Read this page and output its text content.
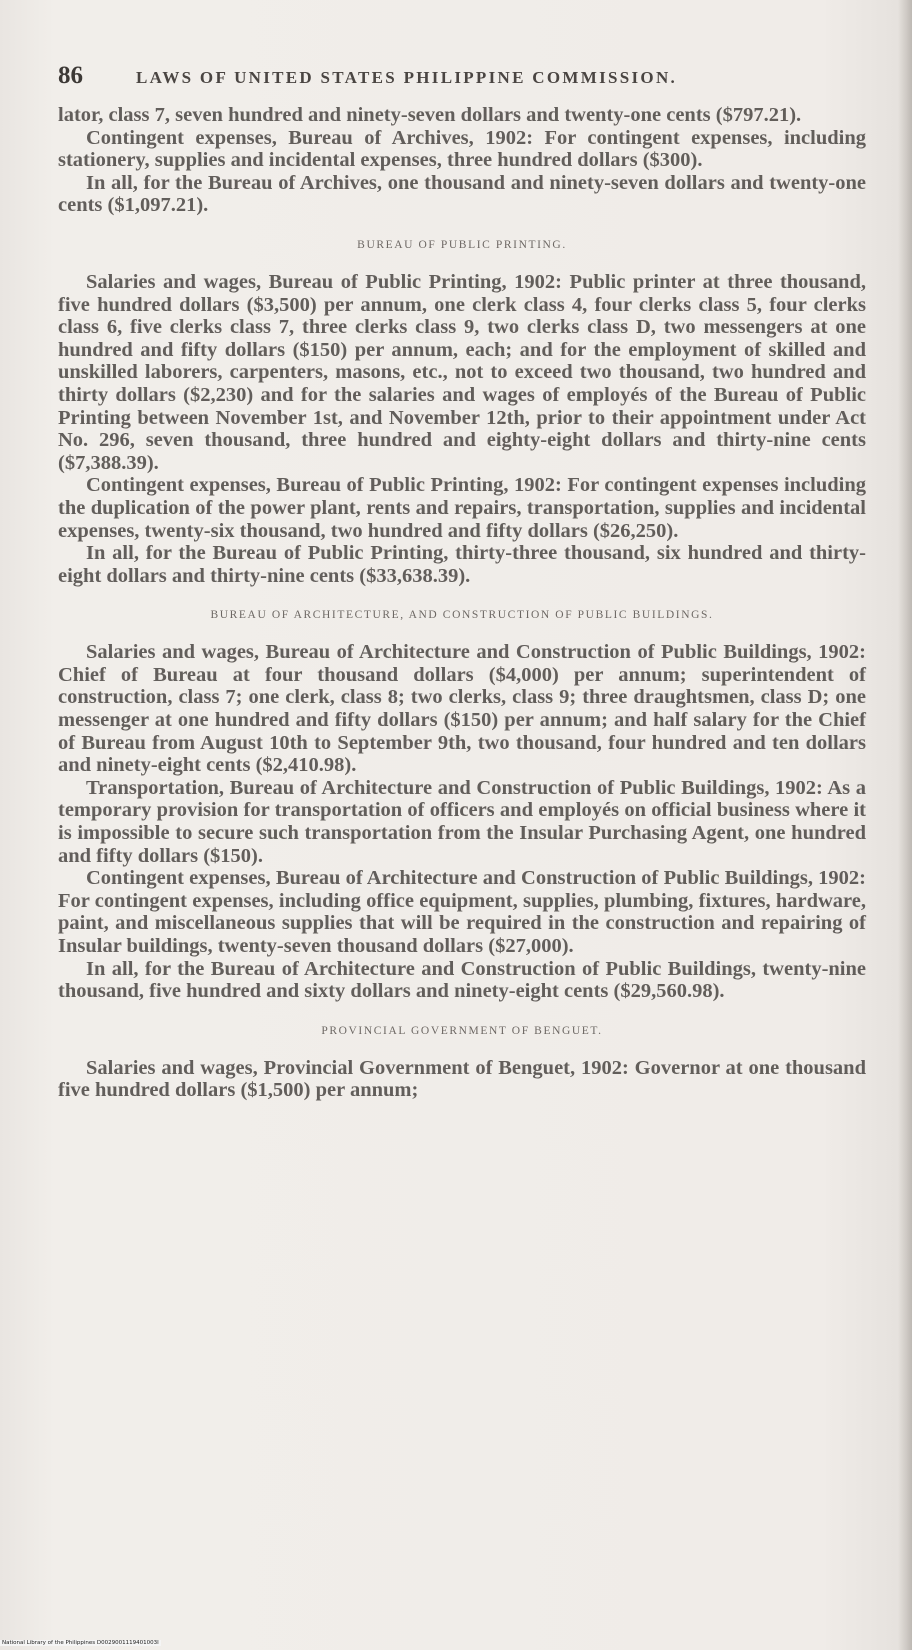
86	LAWS OF UNITED STATES PHILIPPINE COMMISSION.

lator, class 7, seven hundred and ninety-seven dollars and twenty-one cents ($797.21).

Contingent expenses, Bureau of Archives, 1902: For contingent expenses, including stationery, supplies and incidental expenses, three hundred dollars ($300).

In all, for the Bureau of Archives, one thousand and ninety-seven dollars and twenty-one cents ($1,097.21).

BUREAU OF PUBLIC PRINTING.

Salaries and wages, Bureau of Public Printing, 1902: Public printer at three thousand, five hundred dollars ($3,500) per annum, one clerk class 4, four clerks class 5, four clerks class 6, five clerks class 7, three clerks class 9, two clerks class D, two messengers at one hundred and fifty dollars ($150) per annum, each; and for the employment of skilled and unskilled laborers, carpenters, masons, etc., not to exceed two thousand, two hundred and thirty dollars ($2,230) and for the salaries and wages of employés of the Bureau of Public Printing between November 1st, and November 12th, prior to their appointment under Act No. 296, seven thousand, three hundred and eighty-eight dollars and thirty-nine cents ($7,388.39).

Contingent expenses, Bureau of Public Printing, 1902: For contingent expenses including the duplication of the power plant, rents and repairs, transportation, supplies and incidental expenses, twenty-six thousand, two hundred and fifty dollars ($26,250).

In all, for the Bureau of Public Printing, thirty-three thousand, six hundred and thirty-eight dollars and thirty-nine cents ($33,638.39).

BUREAU OF ARCHITECTURE, AND CONSTRUCTION OF PUBLIC BUILDINGS.

Salaries and wages, Bureau of Architecture and Construction of Public Buildings, 1902: Chief of Bureau at four thousand dollars ($4,000) per annum; superintendent of construction, class 7; one clerk, class 8; two clerks, class 9; three draughtsmen, class D; one messenger at one hundred and fifty dollars ($150) per annum; and half salary for the Chief of Bureau from August 10th to September 9th, two thousand, four hundred and ten dollars and ninety-eight cents ($2,410.98).

Transportation, Bureau of Architecture and Construction of Public Buildings, 1902: As a temporary provision for transportation of officers and employés on official business where it is impossible to secure such transportation from the Insular Purchasing Agent, one hundred and fifty dollars ($150).

Contingent expenses, Bureau of Architecture and Construction of Public Buildings, 1902: For contingent expenses, including office equipment, supplies, plumbing, fixtures, hardware, paint, and miscellaneous supplies that will be required in the construction and repairing of Insular buildings, twenty-seven thousand dollars ($27,000).

In all, for the Bureau of Architecture and Construction of Public Buildings, twenty-nine thousand, five hundred and sixty dollars and ninety-eight cents ($29,560.98).

PROVINCIAL GOVERNMENT OF BENGUET.

Salaries and wages, Provincial Government of Benguet, 1902: Governor at one thousand five hundred dollars ($1,500) per annum;

National Library of the Philippines D0029001119401003I
